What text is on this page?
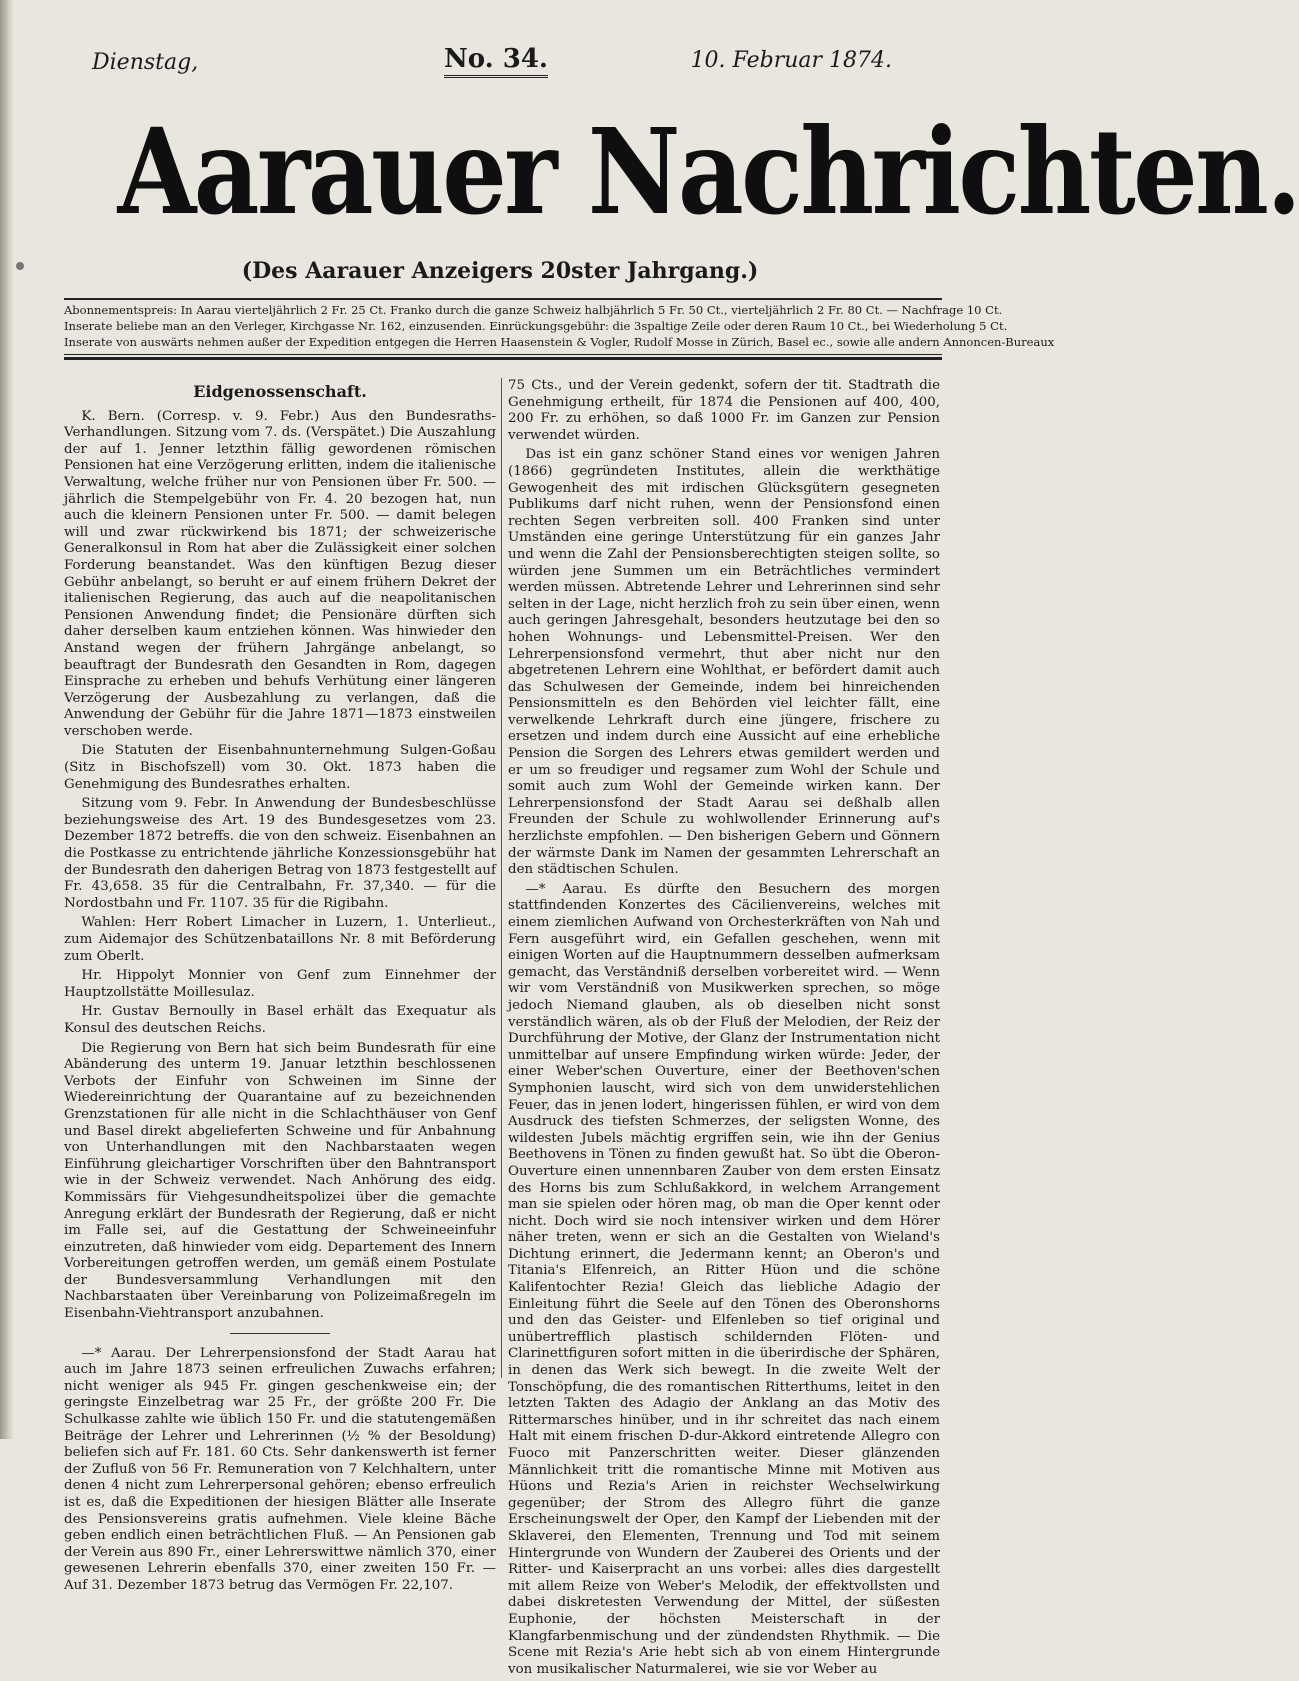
Dienstag,	No. 34.	10. Februar 1874.
Aarauer Nachrichten.
(Des Aarauer Anzeigers 20ster Jahrgang.)
Abonnementspreis: In Aarau vierteljährlich 2 Fr. 25 Ct. Franko durch die ganze Schweiz halbjährlich 5 Fr. 50 Ct., vierteljährlich 2 Fr. 80 Ct. — Nachfrage 10 Ct.
Inserate beliebe man an den Verleger, Kirchgasse Nr. 162, einzusenden. Einrückungsgebühr: die 3spaltige Zeile oder deren Raum 10 Ct., bei Wiederholung 5 Ct.
Inserate von auswärts nehmen außer der Expedition entgegen die Herren Haasenstein & Vogler, Rudolf Mosse in Zürich, Basel ec., sowie alle andern Annoncen-Bureaux
Eidgenossenschaft.

K. Bern. (Corresp. v. 9. Febr.) Aus den Bundesraths-Verhandlungen. Sitzung vom 7. ds. (Verspätet.) Die Auszahlung der auf 1. Jenner letzthin fällig gewordenen römischen Pensionen hat eine Verzögerung erlitten, indem die italienische Verwaltung, welche früher nur von Pensionen über Fr. 500. — jährlich die Stempelgebühr von Fr. 4. 20 bezogen hat, nun auch die kleinern Pensionen unter Fr. 500. — damit belegen will und zwar rückwirkend bis 1871; der schweizerische Generalkonsul in Rom hat aber die Zulässigkeit einer solchen Forderung beanstandet. Was den künftigen Bezug dieser Gebühr anbelangt, so beruht er auf einem frühern Dekret der italienischen Regierung, das auch auf die neapolitanischen Pensionen Anwendung findet; die Pensionäre dürften sich daher derselben kaum entziehen können. Was hinwieder den Anstand wegen der frühern Jahrgänge anbelangt, so beauftragt der Bundesrath den Gesandten in Rom, dagegen Einsprache zu erheben und behufs Verhütung einer längeren Verzögerung der Ausbezahlung zu verlangen, daß die Anwendung der Gebühr für die Jahre 1871—1873 einstweilen verschoben werde.

Die Statuten der Eisenbahnunternehmung Sulgen-Goßau (Sitz in Bischofszell) vom 30. Okt. 1873 haben die Genehmigung des Bundesrathes erhalten.

Sitzung vom 9. Febr. In Anwendung der Bundesbeschlüsse beziehungsweise des Art. 19 des Bundesgesetzes vom 23. Dezember 1872 betreffs. die von den schweiz. Eisenbahnen an die Postkasse zu entrichtende jährliche Konzessionsgebühr hat der Bundesrath den daherigen Betrag von 1873 festgestellt auf Fr. 43,658. 35 für die Centralbahn, Fr. 37,340. — für die Nordostbahn und Fr. 1107. 35 für die Rigibahn.

Wahlen: Herr Robert Limacher in Luzern, 1. Unterlieut., zum Aidemajor des Schützenbataillons Nr. 8 mit Beförderung zum Oberlt.

Hr. Hippolyt Monnier von Genf zum Einnehmer der Hauptzollstätte Moillesulaz.

Hr. Gustav Bernoully in Basel erhält das Exequatur als Konsul des deutschen Reichs.

Die Regierung von Bern hat sich beim Bundesrath für eine Abänderung des unterm 19. Januar letzthin beschlossenen Verbots der Einfuhr von Schweinen im Sinne der Wiedereinrichtung der Quarantaine auf zu bezeichnenden Grenzstationen für alle nicht in die Schlachthäuser von Genf und Basel direkt abgelieferten Schweine und für Anbahnung von Unterhandlungen mit den Nachbarstaaten wegen Einführung gleichartiger Vorschriften über den Bahntransport wie in der Schweiz verwendet. Nach Anhörung des eidg. Kommissärs für Viehgesundheitspolizei über die gemachte Anregung erklärt der Bundesrath der Regierung, daß er nicht im Falle sei, auf die Gestattung der Schweineeinfuhr einzutreten, daß hinwieder vom eidg. Departement des Innern Vorbereitungen getroffen werden, um gemäß einem Postulate der Bundesversammlung Verhandlungen mit den Nachbarstaaten über Vereinbarung von Polizeimaßregeln im Eisenbahn-Viehtransport anzubahnen.

—* Aarau. Der Lehrerpensionsfond der Stadt Aarau hat auch im Jahre 1873 seinen erfreulichen Zuwachs erfahren; nicht weniger als 945 Fr. gingen geschenkweise ein; der geringste Einzelbetrag war 25 Fr., der größte 200 Fr. Die Schulkasse zahlte wie üblich 150 Fr. und die statutengemäßen Beiträge der Lehrer und Lehrerinnen (½ % der Besoldung) beliefen sich auf Fr. 181. 60 Cts. Sehr dankenswerth ist ferner der Zufluß von 56 Fr. Remuneration von 7 Kelchhaltern, unter denen 4 nicht zum Lehrerpersonal gehören; ebenso erfreulich ist es, daß die Expeditionen der hiesigen Blätter alle Inserate des Pensionsvereins gratis aufnehmen. Viele kleine Bäche geben endlich einen beträchtlichen Fluß. — An Pensionen gab der Verein aus 890 Fr., einer Lehrerswittwe nämlich 370, einer gewesenen Lehrerin ebenfalls 370, einer zweiten 150 Fr. — Auf 31. Dezember 1873 betrug das Vermögen Fr. 22,107.

75 Cts., und der Verein gedenkt, sofern der tit. Stadtrath die Genehmigung ertheilt, für 1874 die Pensionen auf 400, 400, 200 Fr. zu erhöhen, so daß 1000 Fr. im Ganzen zur Pension verwendet würden.

Das ist ein ganz schöner Stand eines vor wenigen Jahren (1866) gegründeten Institutes, allein die werkthätige Gewogenheit des mit irdischen Glücksgütern gesegneten Publikums darf nicht ruhen, wenn der Pensionsfond einen rechten Segen verbreiten soll. 400 Franken sind unter Umständen eine geringe Unterstützung für ein ganzes Jahr und wenn die Zahl der Pensionsberechtigten steigen sollte, so würden jene Summen um ein Beträchtliches vermindert werden müssen. Abtretende Lehrer und Lehrerinnen sind sehr selten in der Lage, nicht herzlich froh zu sein über einen, wenn auch geringen Jahresgehalt, besonders heutzutage bei den so hohen Wohnungs- und Lebensmittel-Preisen. Wer den Lehrerpensionsfond vermehrt, thut aber nicht nur den abgetretenen Lehrern eine Wohlthat, er befördert damit auch das Schulwesen der Gemeinde, indem bei hinreichenden Pensionsmitteln es den Behörden viel leichter fällt, eine verwelkende Lehrkraft durch eine jüngere, frischere zu ersetzen und indem durch eine Aussicht auf eine erhebliche Pension die Sorgen des Lehrers etwas gemildert werden und er um so freudiger und regsamer zum Wohl der Schule und somit auch zum Wohl der Gemeinde wirken kann. Der Lehrerpensionsfond der Stadt Aarau sei deßhalb allen Freunden der Schule zu wohlwollender Erinnerung auf's herzlichste empfohlen. — Den bisherigen Gebern und Gönnern der wärmste Dank im Namen der gesammten Lehrerschaft an den städtischen Schulen.

—* Aarau. Es dürfte den Besuchern des morgen stattfindenden Konzertes des Cäcilienvereins, welches mit einem ziemlichen Aufwand von Orchesterkräften von Nah und Fern ausgeführt wird, ein Gefallen geschehen, wenn mit einigen Worten auf die Hauptnummern desselben aufmerksam gemacht, das Verständniß derselben vorbereitet wird. — Wenn wir vom Verständniß von Musikwerken sprechen, so möge jedoch Niemand glauben, als ob dieselben nicht sonst verständlich wären, als ob der Fluß der Melodien, der Reiz der Durchführung der Motive, der Glanz der Instrumentation nicht unmittelbar auf unsere Empfindung wirken würde: Jeder, der einer Weber'schen Ouverture, einer der Beethoven'schen Symphonien lauscht, wird sich von dem unwiderstehlichen Feuer, das in jenen lodert, hingerissen fühlen, er wird von dem Ausdruck des tiefsten Schmerzes, der seligsten Wonne, des wildesten Jubels mächtig ergriffen sein, wie ihn der Genius Beethovens in Tönen zu finden gewußt hat. So übt die Oberon-Ouverture einen unnennbaren Zauber von dem ersten Einsatz des Horns bis zum Schlußakkord, in welchem Arrangement man sie spielen oder hören mag, ob man die Oper kennt oder nicht. Doch wird sie noch intensiver wirken und dem Hörer näher treten, wenn er sich an die Gestalten von Wieland's Dichtung erinnert, die Jedermann kennt; an Oberon's und Titania's Elfenreich, an Ritter Hüon und die schöne Kalifentochter Rezia! Gleich das liebliche Adagio der Einleitung führt die Seele auf den Tönen des Oberonshorns und den das Geister- und Elfenleben so tief original und unübertrefflich plastisch schildernden Flöten- und Clarinettfiguren sofort mitten in die überirdische der Sphären, in denen das Werk sich bewegt. In die zweite Welt der Tonschöpfung, die des romantischen Ritterthums, leitet in den letzten Takten des Adagio der Anklang an das Motiv des Rittermarsches hinüber, und in ihr schreitet das nach einem Halt mit einem frischen D-dur-Akkord eintretende Allegro con Fuoco mit Panzerschritten weiter. Dieser glänzenden Männlichkeit tritt die romantische Minne mit Motiven aus Hüons und Rezia's Arien in reichster Wechselwirkung gegenüber; der Strom des Allegro führt die ganze Erscheinungswelt der Oper, den Kampf der Liebenden mit der Sklaverei, den Elementen, Trennung und Tod mit seinem Hintergrunde von Wundern der Zauberei des Orients und der Ritter- und Kaiserpracht an uns vorbei: alles dies dargestellt mit allem Reize von Weber's Melodik, der effektvollsten und dabei diskretesten Verwendung der Mittel, der süßesten Euphonie, der höchsten Meisterschaft in der Klangfarbenmischung und der zündendsten Rhythmik. — Die Scene mit Rezia's Arie hebt sich ab von einem Hintergrunde von musikalischer Naturmalerei, wie sie vor Weber au
